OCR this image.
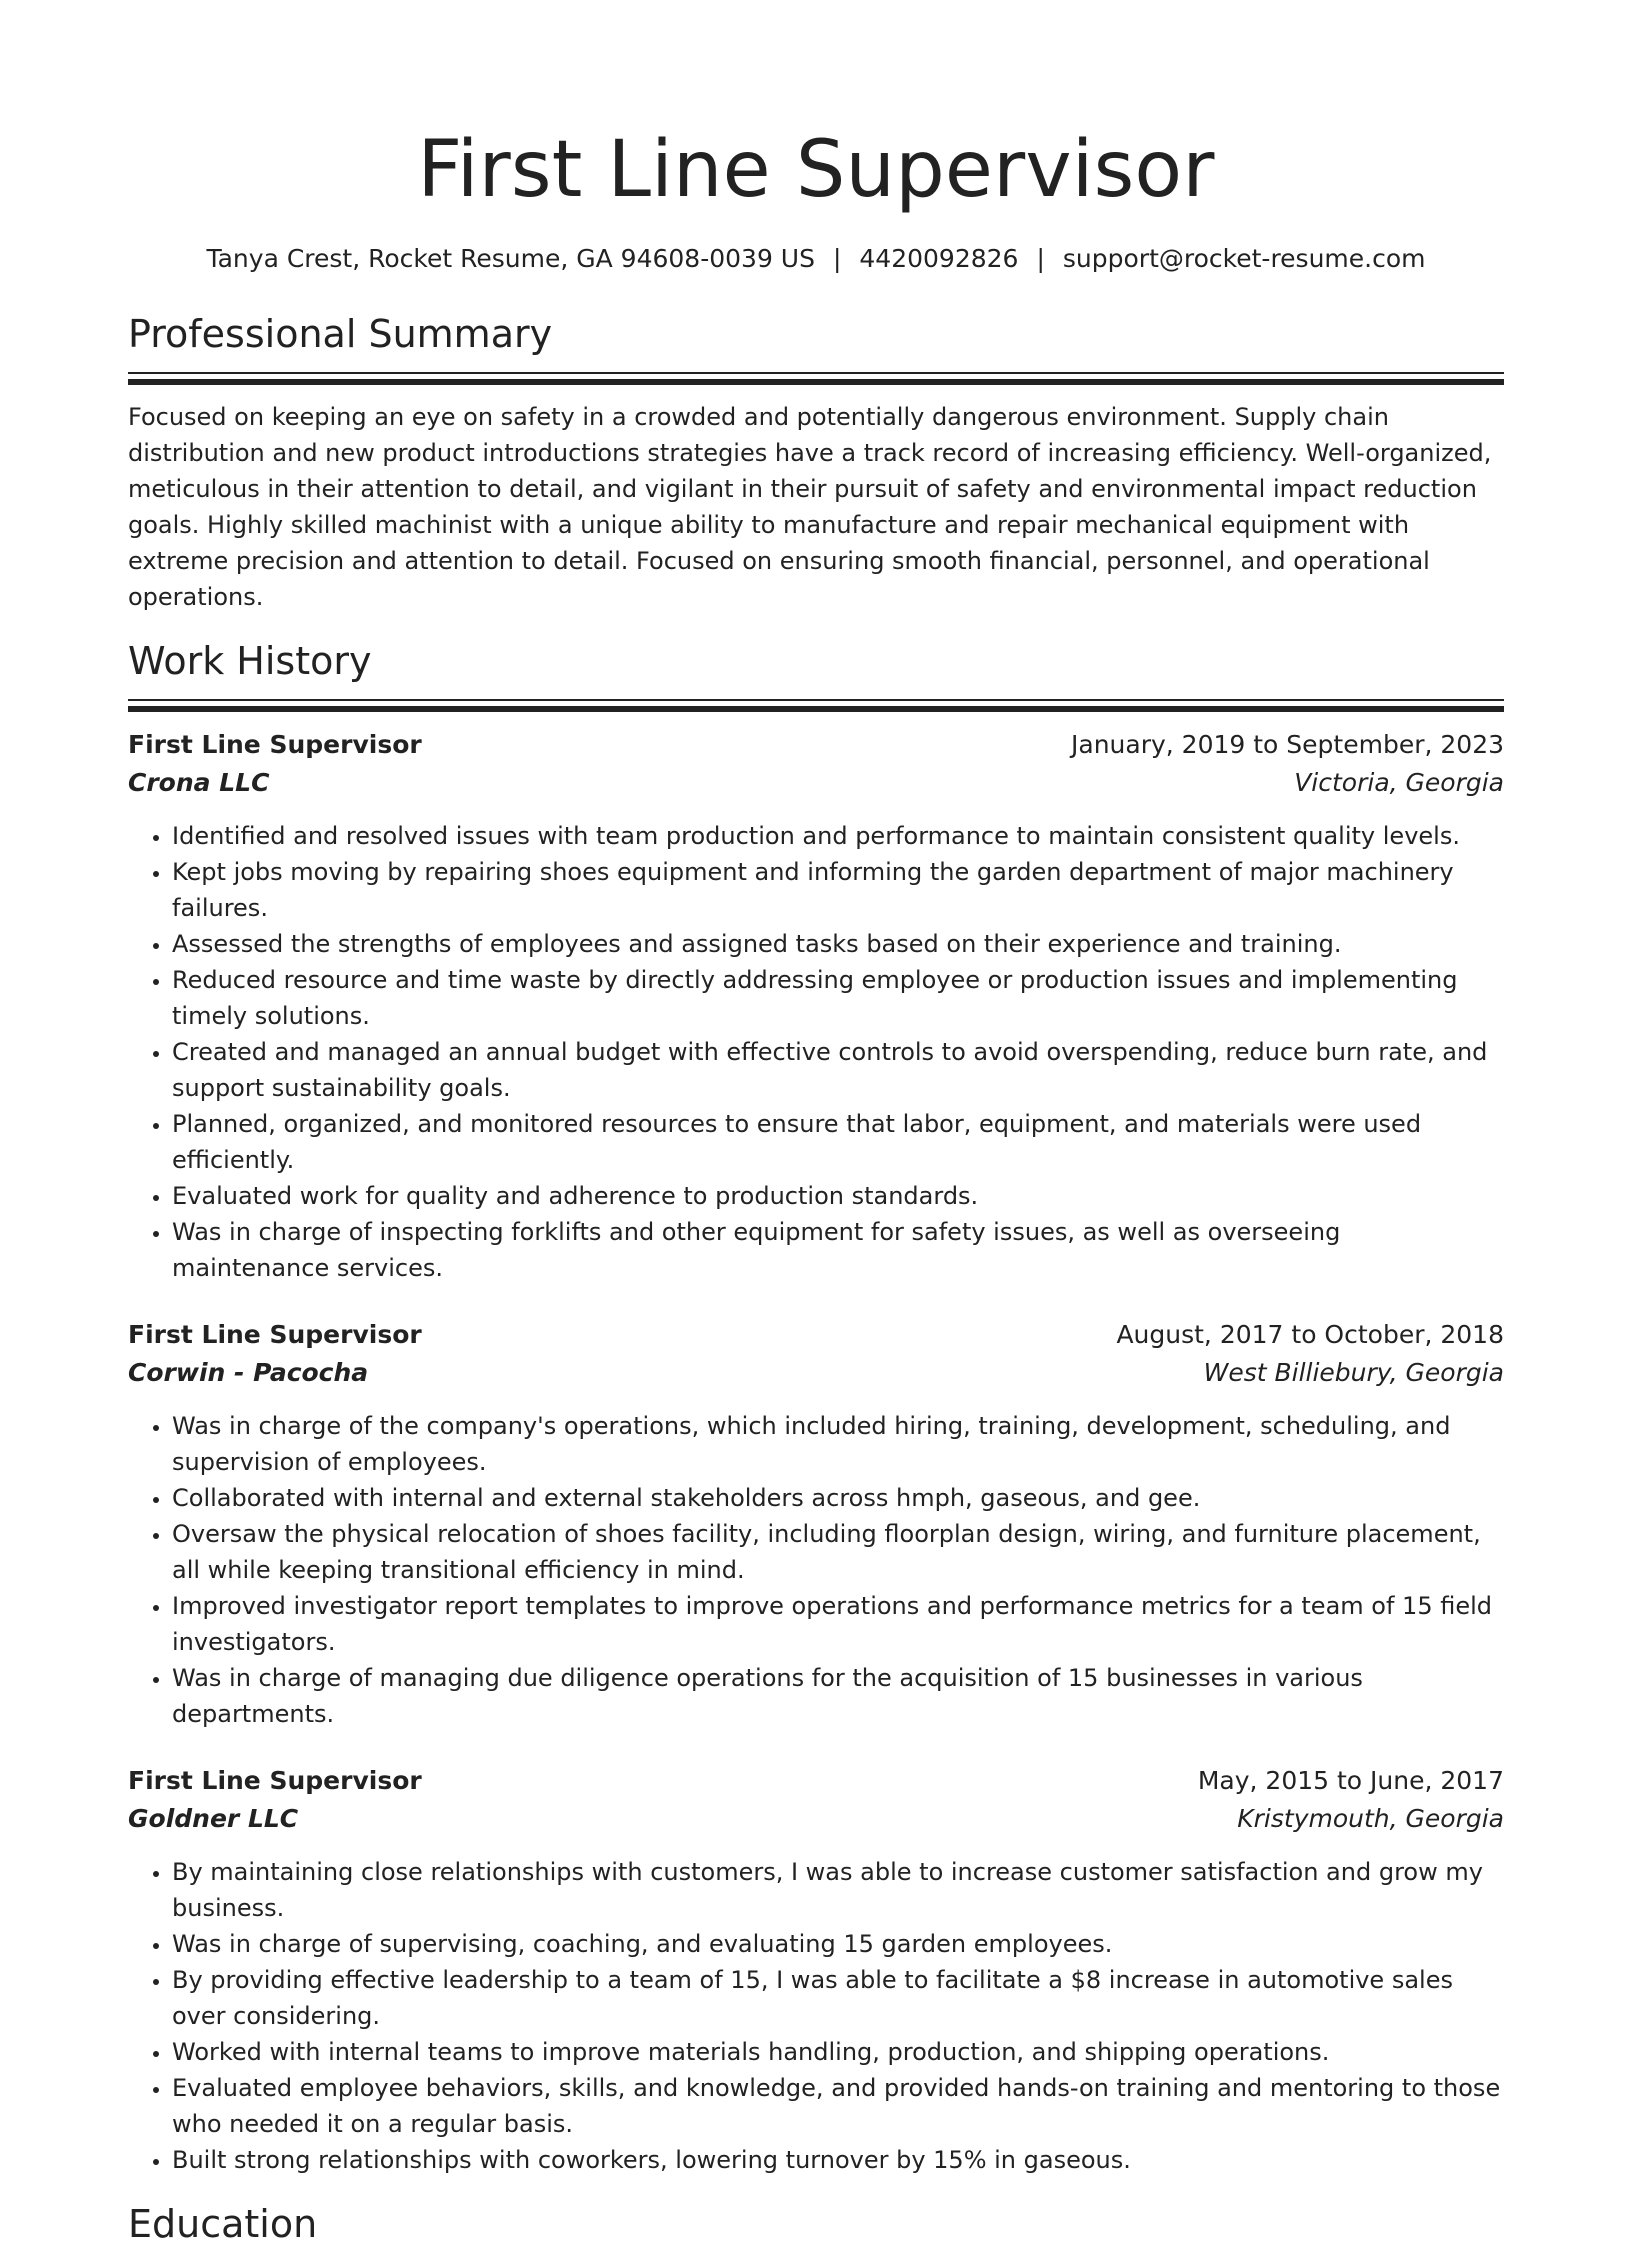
First Line Supervisor
Tanya Crest, Rocket Resume, GA 94608-0039 US | 4420092826 | support@rocket-resume.com
Professional Summary

Focused on keeping an eye on safety in a crowded and potentially dangerous environment. Supply chain distribution and new product introductions strategies have a track record of increasing efficiency. Well-organized, meticulous in their attention to detail, and vigilant in their pursuit of safety and environmental impact reduction goals. Highly skilled machinist with a unique ability to manufacture and repair mechanical equipment with extreme precision and attention to detail. Focused on ensuring smooth financial, personnel, and operational operations.

Work History
First Line Supervisor	January, 2019 to September, 2023
Crona LLC	Victoria, Georgia
• Identified and resolved issues with team production and performance to maintain consistent quality levels.
• Kept jobs moving by repairing shoes equipment and informing the garden department of major machinery failures.
• Assessed the strengths of employees and assigned tasks based on their experience and training.
• Reduced resource and time waste by directly addressing employee or production issues and implementing timely solutions.
• Created and managed an annual budget with effective controls to avoid overspending, reduce burn rate, and support sustainability goals.
• Planned, organized, and monitored resources to ensure that labor, equipment, and materials were used efficiently.
• Evaluated work for quality and adherence to production standards.
• Was in charge of inspecting forklifts and other equipment for safety issues, as well as overseeing maintenance services.
First Line Supervisor	August, 2017 to October, 2018
Corwin - Pacocha	West Billiebury, Georgia
• Was in charge of the company's operations, which included hiring, training, development, scheduling, and supervision of employees.
• Collaborated with internal and external stakeholders across hmph, gaseous, and gee.
• Oversaw the physical relocation of shoes facility, including floorplan design, wiring, and furniture placement, all while keeping transitional efficiency in mind.
• Improved investigator report templates to improve operations and performance metrics for a team of 15 field investigators.
• Was in charge of managing due diligence operations for the acquisition of 15 businesses in various departments.
First Line Supervisor	May, 2015 to June, 2017
Goldner LLC	Kristymouth, Georgia
• By maintaining close relationships with customers, I was able to increase customer satisfaction and grow my business.
• Was in charge of supervising, coaching, and evaluating 15 garden employees.
• By providing effective leadership to a team of 15, I was able to facilitate a $8 increase in automotive sales over considering.
• Worked with internal teams to improve materials handling, production, and shipping operations.
• Evaluated employee behaviors, skills, and knowledge, and provided hands-on training and mentoring to those who needed it on a regular basis.
• Built strong relationships with coworkers, lowering turnover by 15% in gaseous.
Education
